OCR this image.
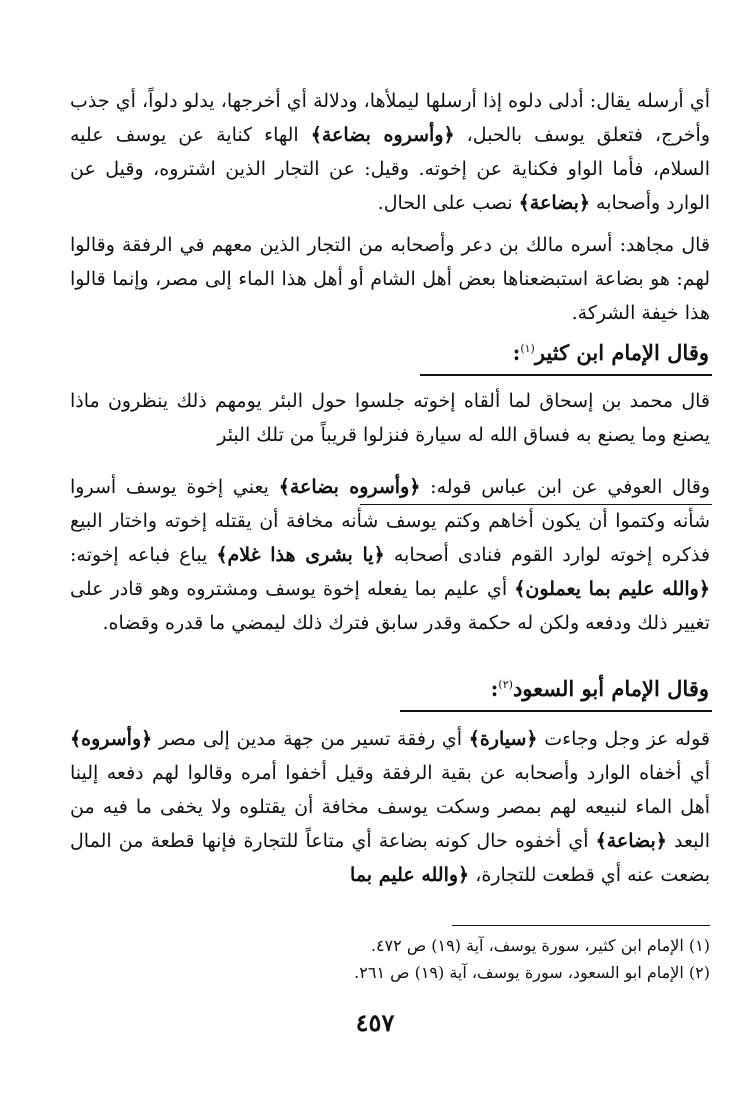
أي أرسله يقال: أدلى دلوه إذا أرسلها ليملأها، ودلالة أي أخرجها، يدلو دلواً، أي جذب وأخرج، فتعلق يوسف بالحبل، ﴿وأسروه بضاعة﴾ الهاء كناية عن يوسف عليه السلام، فأما الواو فكناية عن إخوته. وقيل: عن التجار الذين اشتروه، وقيل عن الوارد وأصحابه ﴿بضاعة﴾ نصب على الحال.

قال مجاهد: أسره مالك بن دعر وأصحابه من التجار الذين معهم في الرفقة وقالوا لهم: هو بضاعة استبضعناها بعض أهل الشام أو أهل هذا الماء إلى مصر، وإنما قالوا هذا خيفة الشركة.

وقال الإمام ابن كثير$^{(١)}$:

قال محمد بن إسحاق لما ألقاه إخوته جلسوا حول البئر يومهم ذلك ينظرون ماذا يصنع وما يصنع به فساق الله له سيارة فنزلوا قريباً من تلك البئر

وقال العوفي عن ابن عباس قوله: ﴿وأسروه بضاعة﴾ يعني إخوة يوسف أسروا شأنه وكتموا أن يكون أخاهم وكتم يوسف شأنه مخافة أن يقتله إخوته واختار البيع فذكره إخوته لوارد القوم فنادى أصحابه ﴿يا بشرى هذا غلام﴾ يباع فباعه إخوته: ﴿والله عليم بما يعملون﴾ أي عليم بما يفعله إخوة يوسف ومشتروه وهو قادر على تغيير ذلك ودفعه ولكن له حكمة وقدر سابق فترك ذلك ليمضي ما قدره وقضاه.

وقال الإمام أبو السعود$^{(٢)}$:

قوله عز وجل وجاءت ﴿سيارة﴾ أي رفقة تسير من جهة مدين إلى مصر ﴿وأسروه﴾ أي أخفاه الوارد وأصحابه عن بقية الرفقة وقيل أخفوا أمره وقالوا لهم دفعه إلينا أهل الماء لنبيعه لهم بمصر وسكت يوسف مخافة أن يقتلوه ولا يخفى ما فيه من البعد ﴿بضاعة﴾ أي أخفوه حال كونه بضاعة أي متاعاً للتجارة فإنها قطعة من المال بضعت عنه أي قطعت للتجارة، ﴿والله عليم بما

(١) الإمام ابن كثير، سورة يوسف، آية (١٩) ص ٤٧٢.
(٢) الإمام ابو السعود، سورة يوسف، آية (١٩) ص ٢٦١.
٤٥٧
